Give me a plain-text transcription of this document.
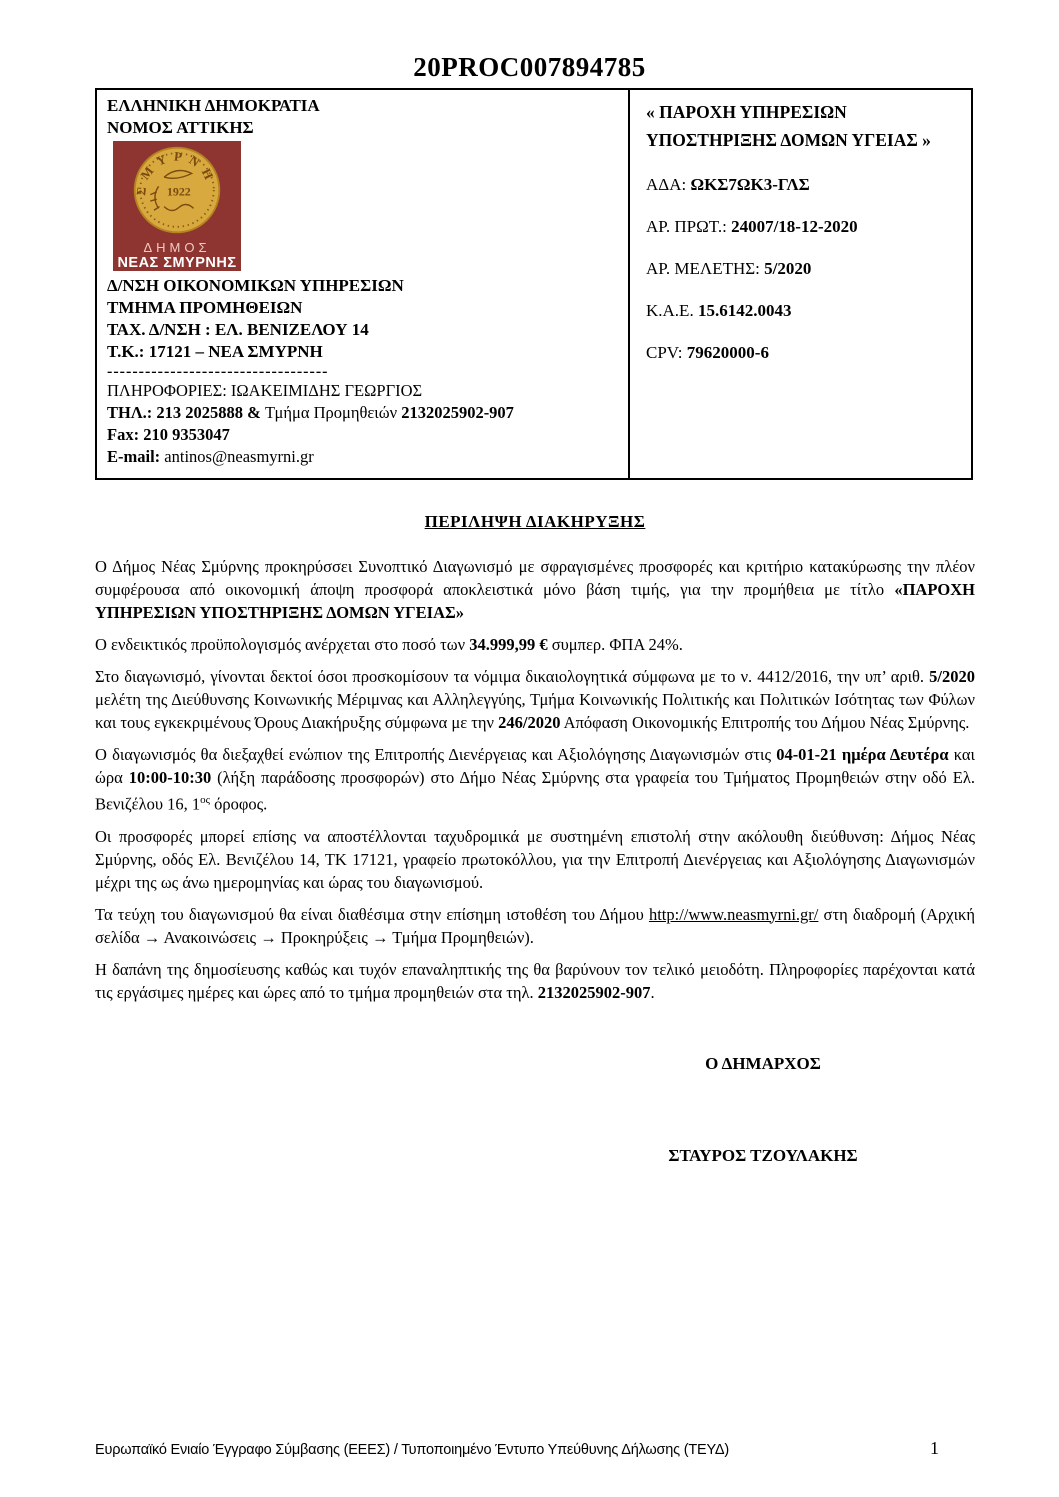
20PROC007894785
ΕΛΛΗΝΙΚΗ ΔΗΜΟΚΡΑΤΙΑ
ΝΟΜΟΣ ΑΤΤΙΚΗΣ
ΣΜΥΡΝΗ
1922
ΔΗΜΟΣ
ΝΕΑΣ ΣΜΥΡΝΗΣ
Δ/ΝΣΗ ΟΙΚΟΝΟΜΙΚΩΝ ΥΠΗΡΕΣΙΩΝ
ΤΜΗΜΑ ΠΡΟΜΗΘΕΙΩΝ
ΤΑΧ. Δ/ΝΣΗ : ΕΛ. ΒΕΝΙΖΕΛΟΥ 14
Τ.Κ.: 17121 – ΝΕΑ ΣΜΥΡΝΗ
-----------------------------------
ΠΛΗΡΟΦΟΡΙΕΣ: ΙΩΑΚΕΙΜΙΔΗΣ ΓΕΩΡΓΙΟΣ
ΤΗΛ.: 213 2025888 & Τμήμα Προμηθειών 2132025902-907
Fax: 210 9353047
E-mail: antinos@neasmyrni.gr
« ΠΑΡΟΧΗ ΥΠΗΡΕΣΙΩΝ
ΥΠΟΣΤΗΡΙΞΗΣ ΔΟΜΩΝ ΥΓΕΙΑΣ »
ΑΔΑ: ΩΚΣ7ΩΚ3-ΓΛΣ
ΑΡ. ΠΡΩΤ.: 24007/18-12-2020
ΑΡ. ΜΕΛΕΤΗΣ: 5/2020
Κ.Α.Ε. 15.6142.0043
CPV: 79620000-6
ΠΕΡΙΛΗΨΗ ΔΙΑΚΗΡΥΞΗΣ

Ο Δήμος Νέας Σμύρνης προκηρύσσει Συνοπτικό Διαγωνισμό με σφραγισμένες προσφορές και κριτήριο κατακύρωσης την πλέον συμφέρουσα από οικονομική άποψη προσφορά αποκλειστικά μόνο βάση τιμής, για την προμήθεια με τίτλο «ΠΑΡΟΧΗ ΥΠΗΡΕΣΙΩΝ ΥΠΟΣΤΗΡΙΞΗΣ ΔΟΜΩΝ ΥΓΕΙΑΣ»

Ο ενδεικτικός προϋπολογισμός ανέρχεται στο ποσό των 34.999,99 € συμπερ. ΦΠΑ 24%.

Στο διαγωνισμό, γίνονται δεκτοί όσοι προσκομίσουν τα νόμιμα δικαιολογητικά σύμφωνα με το ν. 4412/2016, την υπ’ αριθ. 5/2020 μελέτη της Διεύθυνσης Κοινωνικής Μέριμνας και Αλληλεγγύης, Τμήμα Κοινωνικής Πολιτικής και Πολιτικών Ισότητας των Φύλων και τους εγκεκριμένους Όρους Διακήρυξης σύμφωνα με την 246/2020 Απόφαση Οικονομικής Επιτροπής του Δήμου Νέας Σμύρνης.

Ο διαγωνισμός θα διεξαχθεί ενώπιον της Επιτροπής Διενέργειας και Αξιολόγησης Διαγωνισμών στις 04-01-21 ημέρα Δευτέρα και ώρα 10:00-10:30 (λήξη παράδοσης προσφορών) στο Δήμο Νέας Σμύρνης στα γραφεία του Τμήματος Προμηθειών στην οδό Ελ. Βενιζέλου 16, $1^{o\varsigma}$ όροφος.

Οι προσφορές μπορεί επίσης να αποστέλλονται ταχυδρομικά με συστημένη επιστολή στην ακόλουθη διεύθυνση: Δήμος Νέας Σμύρνης, οδός Ελ. Βενιζέλου 14, ΤΚ 17121, γραφείο πρωτοκόλλου, για την Επιτροπή Διενέργειας και Αξιολόγησης Διαγωνισμών μέχρι της ως άνω ημερομηνίας και ώρας του διαγωνισμού.

Τα τεύχη του διαγωνισμού θα είναι διαθέσιμα στην επίσημη ιστοθέση του Δήμου http://www.neasmyrni.gr/ στη διαδρομή (Αρχική σελίδα → Ανακοινώσεις → Προκηρύξεις → Τμήμα Προμηθειών).

Η δαπάνη της δημοσίευσης καθώς και τυχόν επαναληπτικής της θα βαρύνουν τον τελικό μειοδότη. Πληροφορίες παρέχονται κατά τις εργάσιμες ημέρες και ώρες από το τμήμα προμηθειών στα τηλ. 2132025902-907.

Ο ΔΗΜΑΡΧΟΣ
ΣΤΑΥΡΟΣ ΤΖΟΥΛΑΚΗΣ
Ευρωπαϊκό Ενιαίο Έγγραφο Σύμβασης (ΕΕΕΣ) / Τυποποιημένο Έντυπο Υπεύθυνης Δήλωσης (ΤΕΥΔ)	1
